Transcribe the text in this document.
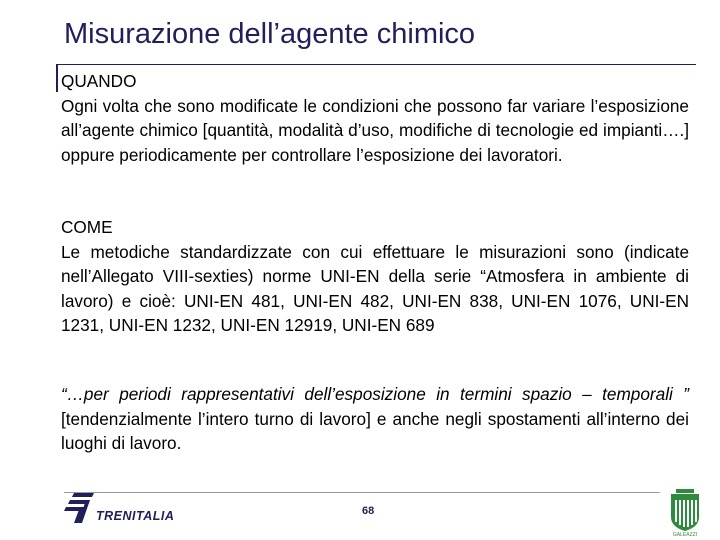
Misurazione dell’agente chimico

QUANDO

Ogni volta che sono modificate le condizioni che possono far variare l’esposizione all’agente chimico [quantità, modalità d’uso, modifiche di tecnologie ed impianti….] oppure periodicamente per controllare l’esposizione dei lavoratori.

COME

Le metodiche standardizzate con cui effettuare le misurazioni sono (indicate nell’Allegato VIII-sexties) norme UNI-EN della serie “Atmosfera in ambiente di lavoro) e cioè: UNI-EN 481, UNI-EN 482, UNI-EN 838, UNI-EN 1076, UNI-EN 1231, UNI-EN 1232, UNI-EN 12919, UNI-EN 689

“…per periodi rappresentativi dell’esposizione in termini spazio – temporali ” [tendenzialmente l’intero turno di lavoro] e anche negli spostamenti all’interno dei luoghi di lavoro.

TRENITALIA	68
GALEAZZI
